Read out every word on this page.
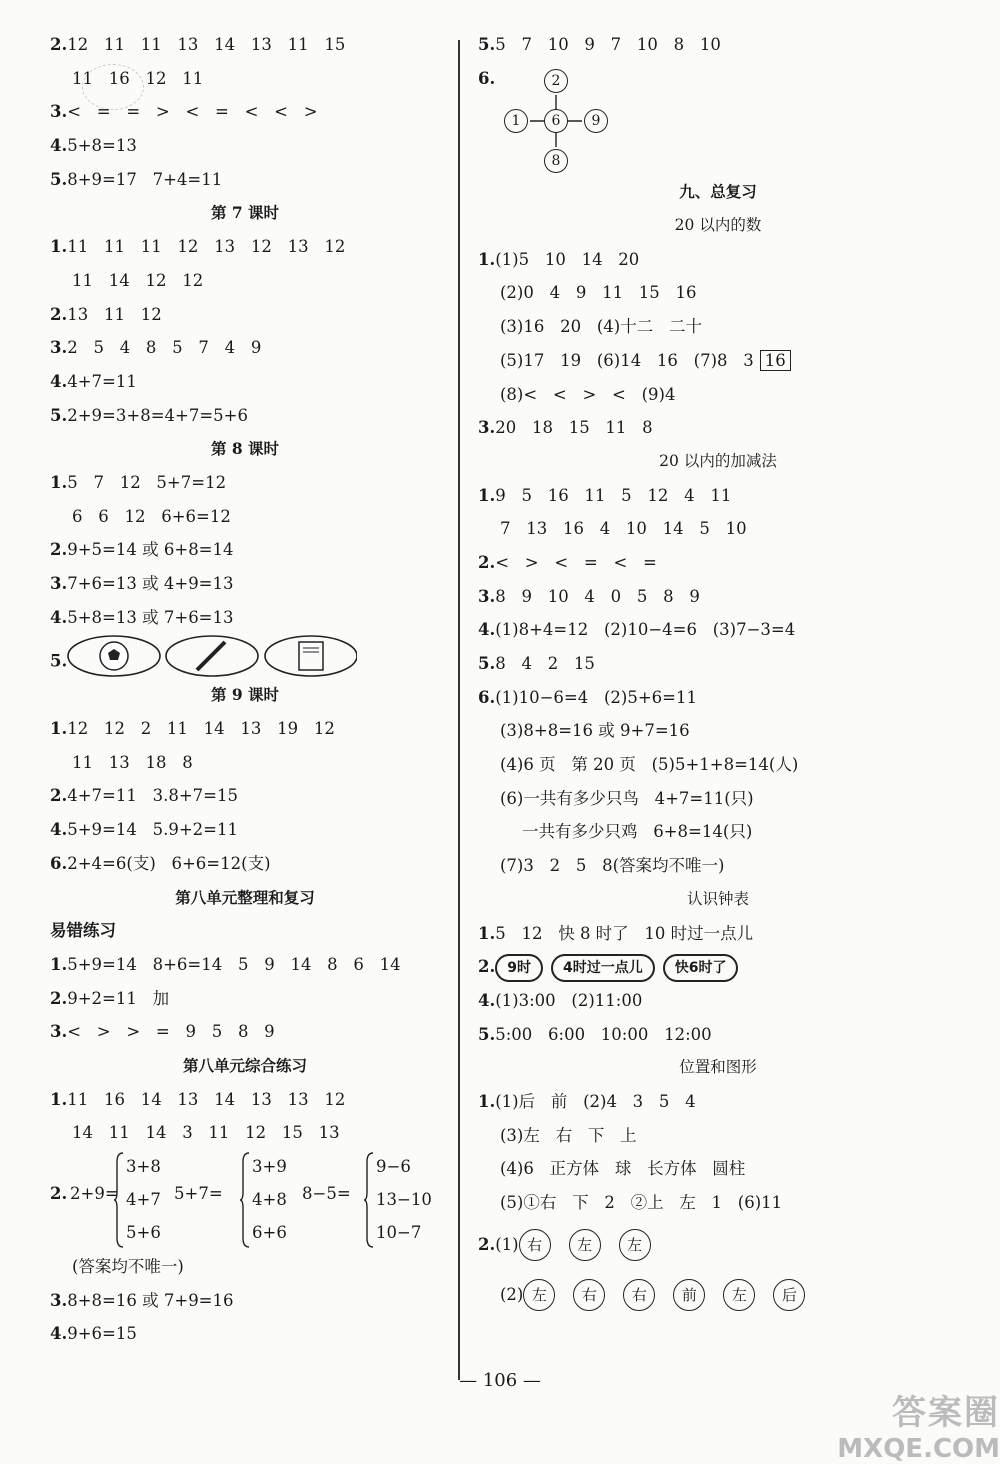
2.12   11   11   13   14   13   11   15
11   16   12   11
3.<   =   =   >   <   =   <   <   >
4.5+8=13
5.8+9=17   7+4=11
第 7 课时
1.11   11   11   12   13   12   13   12
11   14   12   12
2.13   11   12
3.2   5   4   8   5   7   4   9
4.4+7=11
5.2+9=3+8=4+7=5+6
第 8 课时
1.5   7   12   5+7=12
6   6   12   6+6=12
2.9+5=14 或 6+8=14
3.7+6=13 或 4+9=13
4.5+8=13 或 7+6=13
5.
第 9 课时
1.12   12   2   11   14   13   19   12
11   13   18   8
2.4+7=11   3.8+7=15
4.5+9=14   5.9+2=11
6.2+4=6(支)   6+6=12(支)
第八单元整理和复习
易错练习
1.5+9=14   8+6=14   5   9   14   8   6   14
2.9+2=11   加
3.<   >   >   =   9   5   8   9
第八单元综合练习
1.11   16   14   13   14   13   13   12
14   11   14   3   11   12   15   13
2. 2+9=
3+8
4+7
5+6
5+7=
3+9
4+8
6+6
8−5=
9−6
13−10
10−7
(答案均不唯一)
3.8+8=16 或 7+9=16
4.9+6=15
5.5   7   10   9   7   10   8   10
6.	2
1	6	9
8
九、总复习
20 以内的数
1.(1)5   10   14   20
(2)0   4   9   11   15   16
(3)16   20   (4)十二   二十
(5)17   19   (6)14   16   (7)8   3 16
(8)<   <   >   <   (9)4
3.20   18   15   11   8
20 以内的加减法
1.9   5   16   11   5   12   4   11
7   13   16   4   10   14   5   10
2.<   >   <   =   <   =
3.8   9   10   4   0   5   8   9
4.(1)8+4=12   (2)10−4=6   (3)7−3=4
5.8   4   2   15
6.(1)10−6=4   (2)5+6=11
(3)8+8=16 或 9+7=16
(4)6 页   第 20 页   (5)5+1+8=14(人)
(6)一共有多少只鸟   4+7=11(只)
一共有多少只鸡   6+8=14(只)
(7)3   2   5   8(答案均不唯一)
认识钟表
1.5   12   快 8 时了   10 时过一点儿
2. 9时 4时过一点儿 快6时了
4.(1)3:00   (2)11:00
5.5:00   6:00   10:00   12:00
位置和图形
1.(1)后   前   (2)4   3   5   4
(3)左   右   下   上
(4)6   正方体   球   长方体   圆柱
(5)①右   下   2   ②上   左   1   (6)11
2.(1) 右 左 左
(2) 左 右 右 前 左 后
— 106 —
答案圈
MXQE.COM
